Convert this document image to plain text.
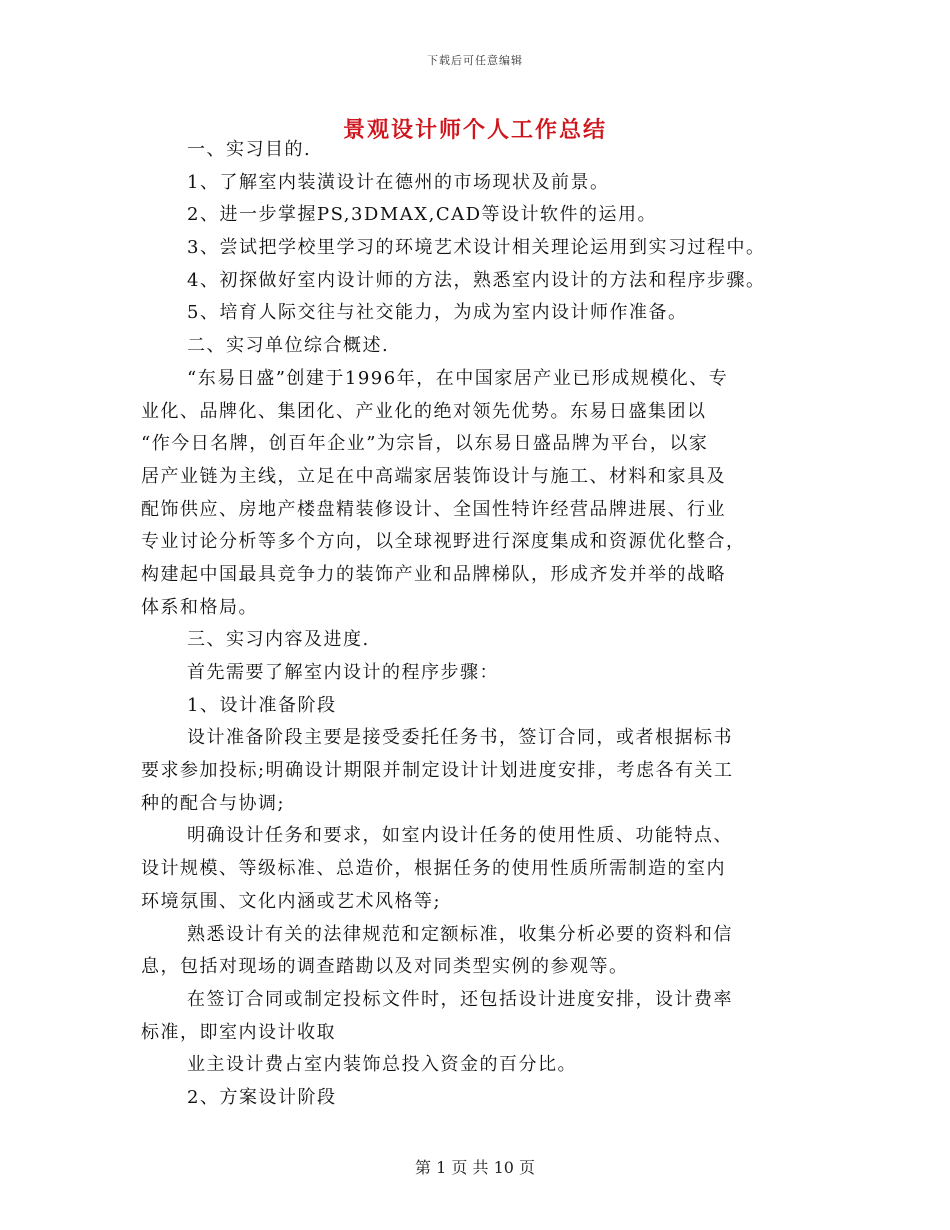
下载后可任意编辑
景观设计师个人工作总结
一、实习目的.
1、了解室内装潢设计在德州的市场现状及前景。
2、进一步掌握PS,3DMAX,CAD等设计软件的运用。
3、尝试把学校里学习的环境艺术设计相关理论运用到实习过程中。
4、初探做好室内设计师的方法，熟悉室内设计的方法和程序步骤。
5、培育人际交往与社交能力，为成为室内设计师作准备。
二、实习单位综合概述.
“东易日盛”创建于1996年，在中国家居产业已形成规模化、专
业化、品牌化、集团化、产业化的绝对领先优势。东易日盛集团以
“作今日名牌，创百年企业”为宗旨，以东易日盛品牌为平台，以家
居产业链为主线，立足在中高端家居装饰设计与施工、材料和家具及
配饰供应、房地产楼盘精装修设计、全国性特许经营品牌进展、行业
专业讨论分析等多个方向，以全球视野进行深度集成和资源优化整合，
构建起中国最具竞争力的装饰产业和品牌梯队，形成齐发并举的战略
体系和格局。
三、实习内容及进度.
首先需要了解室内设计的程序步骤：
1、设计准备阶段
设计准备阶段主要是接受委托任务书，签订合同，或者根据标书
要求参加投标;明确设计期限并制定设计计划进度安排，考虑各有关工
种的配合与协调;
明确设计任务和要求，如室内设计任务的使用性质、功能特点、
设计规模、等级标准、总造价，根据任务的使用性质所需制造的室内
环境氛围、文化内涵或艺术风格等;
熟悉设计有关的法律规范和定额标准，收集分析必要的资料和信
息，包括对现场的调查踏勘以及对同类型实例的参观等。
在签订合同或制定投标文件时，还包括设计进度安排，设计费率
标准，即室内设计收取
业主设计费占室内装饰总投入资金的百分比。
2、方案设计阶段
第 1 页 共 10 页
